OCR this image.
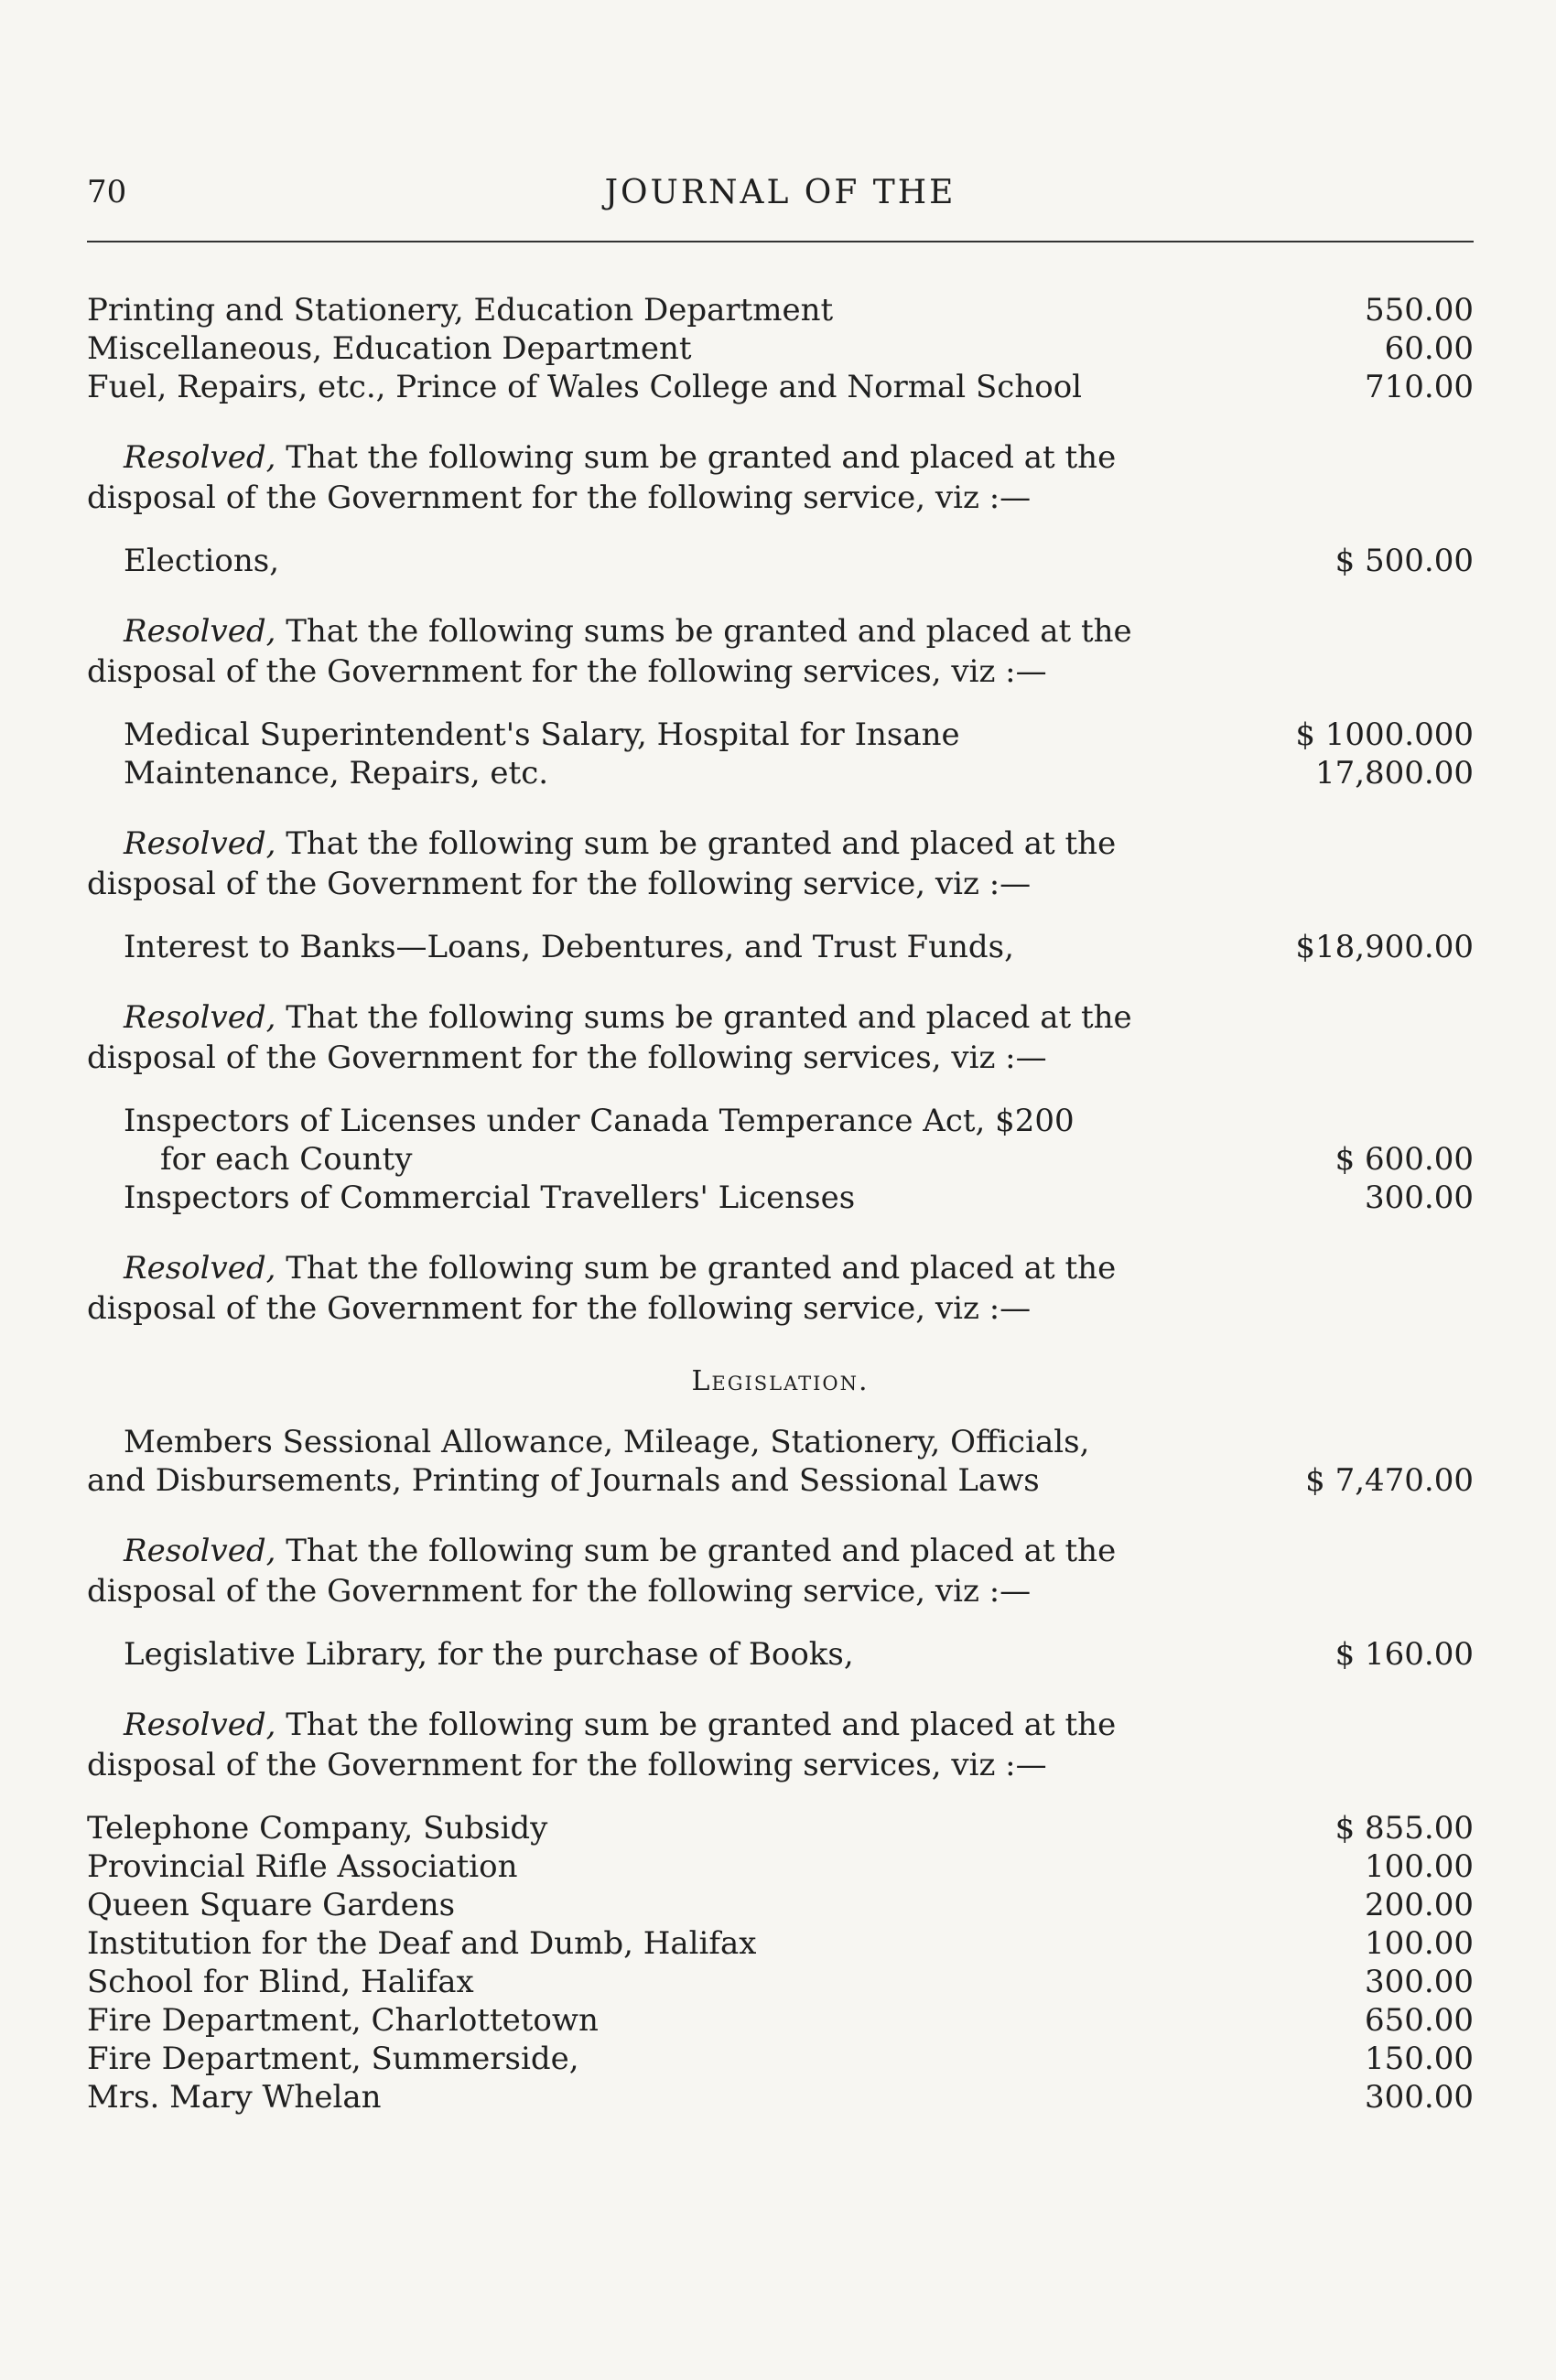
70	JOURNAL OF THE
Printing and Stationery, Education Department	550.00
Miscellaneous, Education Department	60.00
Fuel, Repairs, etc., Prince of Wales College and Normal School	710.00
Resolved, That the following sum be granted and placed at the
disposal of the Government for the following service, viz :—
Elections,	$ 500.00
Resolved, That the following sums be granted and placed at the
disposal of the Government for the following services, viz :—
Medical Superintendent's Salary, Hospital for Insane	$ 1000.000
Maintenance, Repairs, etc.	17,800.00
Resolved, That the following sum be granted and placed at the
disposal of the Government for the following service, viz :—
Interest to Banks—Loans, Debentures, and Trust Funds,	$18,900.00
Resolved, That the following sums be granted and placed at the
disposal of the Government for the following services, viz :—
Inspectors of Licenses under Canada Temperance Act, $200
for each County	$ 600.00
Inspectors of Commercial Travellers' Licenses	300.00
Resolved, That the following sum be granted and placed at the
disposal of the Government for the following service, viz :—
Legislation.
Members Sessional Allowance, Mileage, Stationery, Officials,
and Disbursements, Printing of Journals and Sessional Laws	$ 7,470.00
Resolved, That the following sum be granted and placed at the
disposal of the Government for the following service, viz :—
Legislative Library, for the purchase of Books,	$ 160.00
Resolved, That the following sum be granted and placed at the
disposal of the Government for the following services, viz :—
Telephone Company, Subsidy	$ 855.00
Provincial Rifle Association	100.00
Queen Square Gardens	200.00
Institution for the Deaf and Dumb, Halifax	100.00
School for Blind, Halifax	300.00
Fire Department, Charlottetown	650.00
Fire Department, Summerside,	150.00
Mrs. Mary Whelan	300.00
